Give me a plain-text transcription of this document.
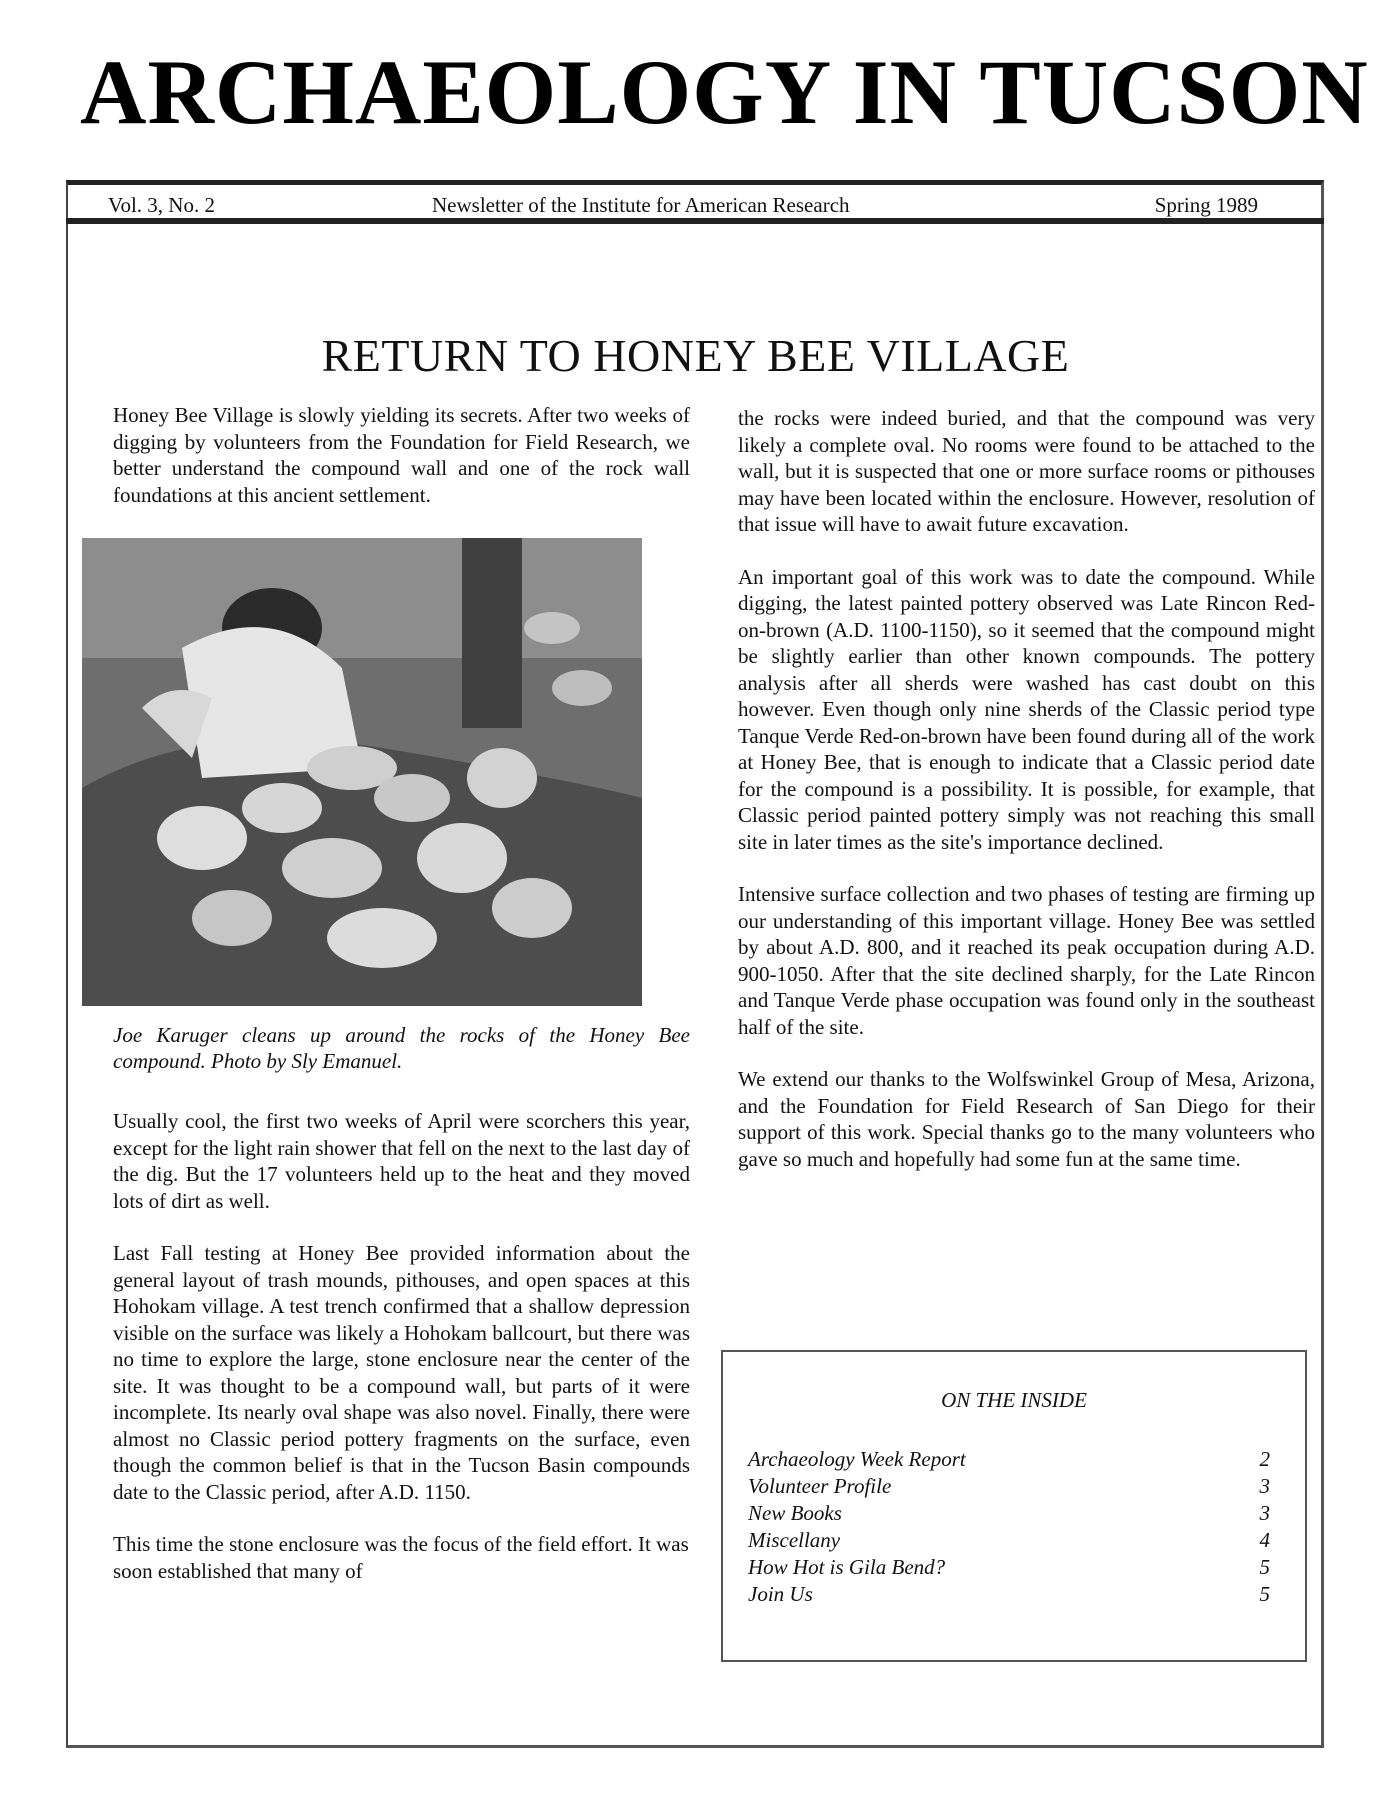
ARCHAEOLOGY IN TUCSON
Vol. 3, No. 2	Newsletter of the Institute for American Research	Spring 1989
RETURN TO HONEY BEE VILLAGE

Honey Bee Village is slowly yielding its secrets. After two weeks of digging by volunteers from the Foundation for Field Research, we better understand the compound wall and one of the rock wall foundations at this ancient settlement.

Joe Karuger cleans up around the rocks of the Honey Bee compound. Photo by Sly Emanuel.

Usually cool, the first two weeks of April were scorchers this year, except for the light rain shower that fell on the next to the last day of the dig. But the 17 volunteers held up to the heat and they moved lots of dirt as well.

Last Fall testing at Honey Bee provided information about the general layout of trash mounds, pithouses, and open spaces at this Hohokam village. A test trench confirmed that a shallow depression visible on the surface was likely a Hohokam ballcourt, but there was no time to explore the large, stone enclosure near the center of the site. It was thought to be a compound wall, but parts of it were incomplete. Its nearly oval shape was also novel. Finally, there were almost no Classic period pottery fragments on the surface, even though the common belief is that in the Tucson Basin compounds date to the Classic period, after A.D. 1150.

This time the stone enclosure was the focus of the field effort. It was soon established that many of

the rocks were indeed buried, and that the compound was very likely a complete oval. No rooms were found to be attached to the wall, but it is suspected that one or more surface rooms or pithouses may have been located within the enclosure. However, resolution of that issue will have to await future excavation.

An important goal of this work was to date the compound. While digging, the latest painted pottery observed was Late Rincon Red-on-brown (A.D. 1100-1150), so it seemed that the compound might be slightly earlier than other known compounds. The pottery analysis after all sherds were washed has cast doubt on this however. Even though only nine sherds of the Classic period type Tanque Verde Red-on-brown have been found during all of the work at Honey Bee, that is enough to indicate that a Classic period date for the compound is a possibility. It is possible, for example, that Classic period painted pottery simply was not reaching this small site in later times as the site's importance declined.

Intensive surface collection and two phases of testing are firming up our understanding of this important village. Honey Bee was settled by about A.D. 800, and it reached its peak occupation during A.D. 900-1050. After that the site declined sharply, for the Late Rincon and Tanque Verde phase occupation was found only in the southeast half of the site.

We extend our thanks to the Wolfswinkel Group of Mesa, Arizona, and the Foundation for Field Research of San Diego for their support of this work. Special thanks go to the many volunteers who gave so much and hopefully had some fun at the same time.

ON THE INSIDE
Archaeology Week Report	2
Volunteer Profile	3
New Books	3
Miscellany	4
How Hot is Gila Bend?	5
Join Us	5
